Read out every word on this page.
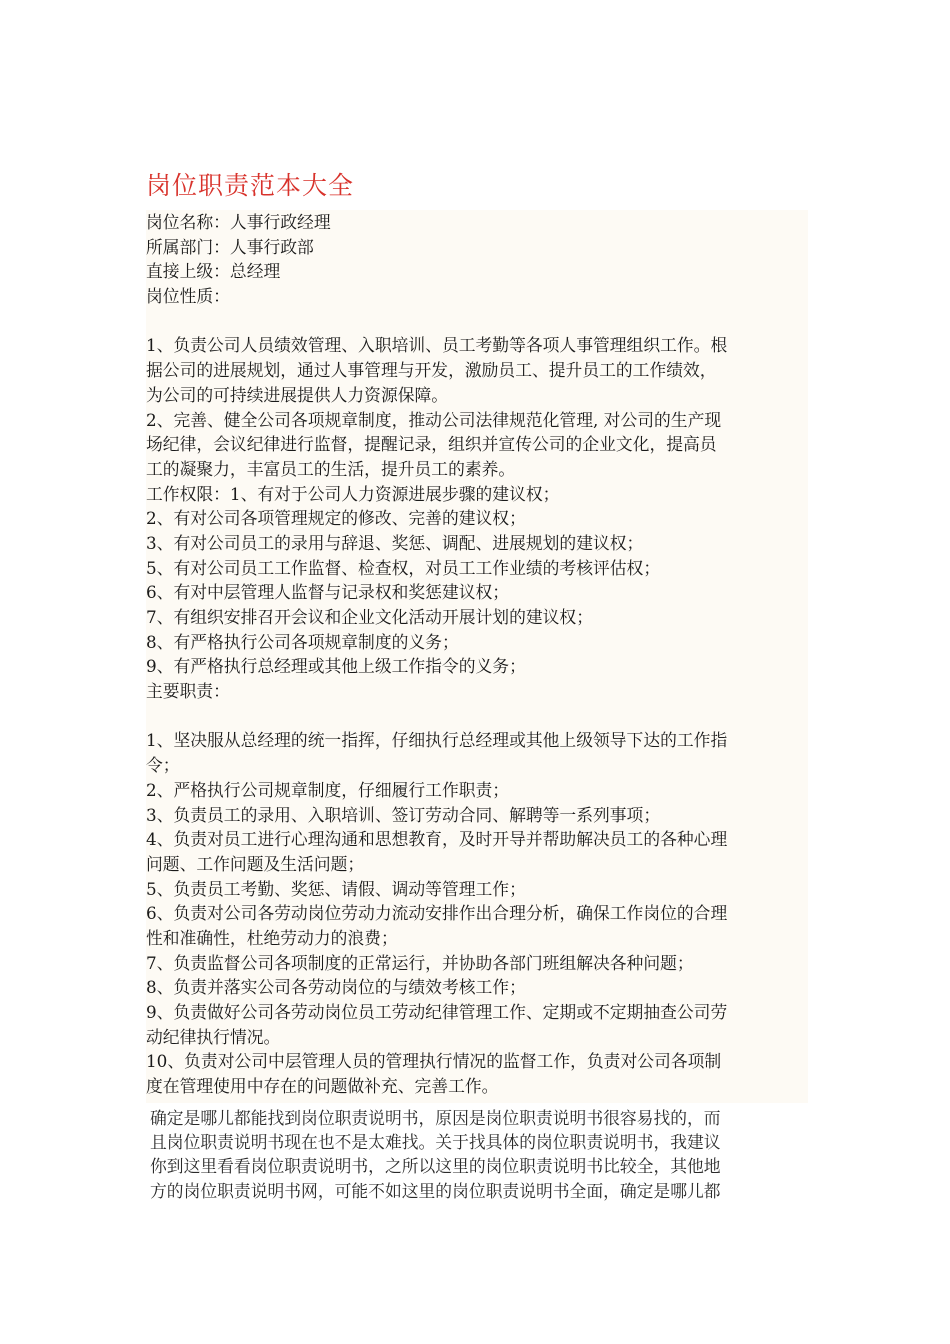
岗位职责范本大全
岗位名称：人事行政经理
所属部门：人事行政部
直接上级：总经理
岗位性质：
1、负责公司人员绩效管理、入职培训、员工考勤等各项人事管理组织工作。根
据公司的进展规划，通过人事管理与开发，激励员工、提升员工的工作绩效，
为公司的可持续进展提供人力资源保障。
2、完善、健全公司各项规章制度，推动公司法律规范化管理, 对公司的生产现
场纪律，会议纪律进行监督，提醒记录，组织并宣传公司的企业文化，提高员
工的凝聚力，丰富员工的生活，提升员工的素养。
工作权限：1、有对于公司人力资源进展步骤的建议权；
2、有对公司各项管理规定的修改、完善的建议权；
3、有对公司员工的录用与辞退、奖惩、调配、进展规划的建议权；
5、有对公司员工工作监督、检查权，对员工工作业绩的考核评估权；
6、有对中层管理人监督与记录权和奖惩建议权；
7、有组织安排召开会议和企业文化活动开展计划的建议权；
8、有严格执行公司各项规章制度的义务；
9、有严格执行总经理或其他上级工作指令的义务；
主要职责：
1、坚决服从总经理的统一指挥，仔细执行总经理或其他上级领导下达的工作指
令；
2、严格执行公司规章制度，仔细履行工作职责；
3、负责员工的录用、入职培训、签订劳动合同、解聘等一系列事项；
4、负责对员工进行心理沟通和思想教育，及时开导并帮助解决员工的各种心理
问题、工作问题及生活问题；
5、负责员工考勤、奖惩、请假、调动等管理工作；
6、负责对公司各劳动岗位劳动力流动安排作出合理分析，确保工作岗位的合理
性和准确性，杜绝劳动力的浪费；
7、负责监督公司各项制度的正常运行，并协助各部门班组解决各种问题；
8、负责并落实公司各劳动岗位的与绩效考核工作；
9、负责做好公司各劳动岗位员工劳动纪律管理工作、定期或不定期抽查公司劳
动纪律执行情况。
10、负责对公司中层管理人员的管理执行情况的监督工作，负责对公司各项制
度在管理使用中存在的问题做补充、完善工作。
确定是哪儿都能找到岗位职责说明书，原因是岗位职责说明书很容易找的，而
且岗位职责说明书现在也不是太难找。关于找具体的岗位职责说明书，我建议
你到这里看看岗位职责说明书，之所以这里的岗位职责说明书比较全，其他地
方的岗位职责说明书网，可能不如这里的岗位职责说明书全面，确定是哪儿都
